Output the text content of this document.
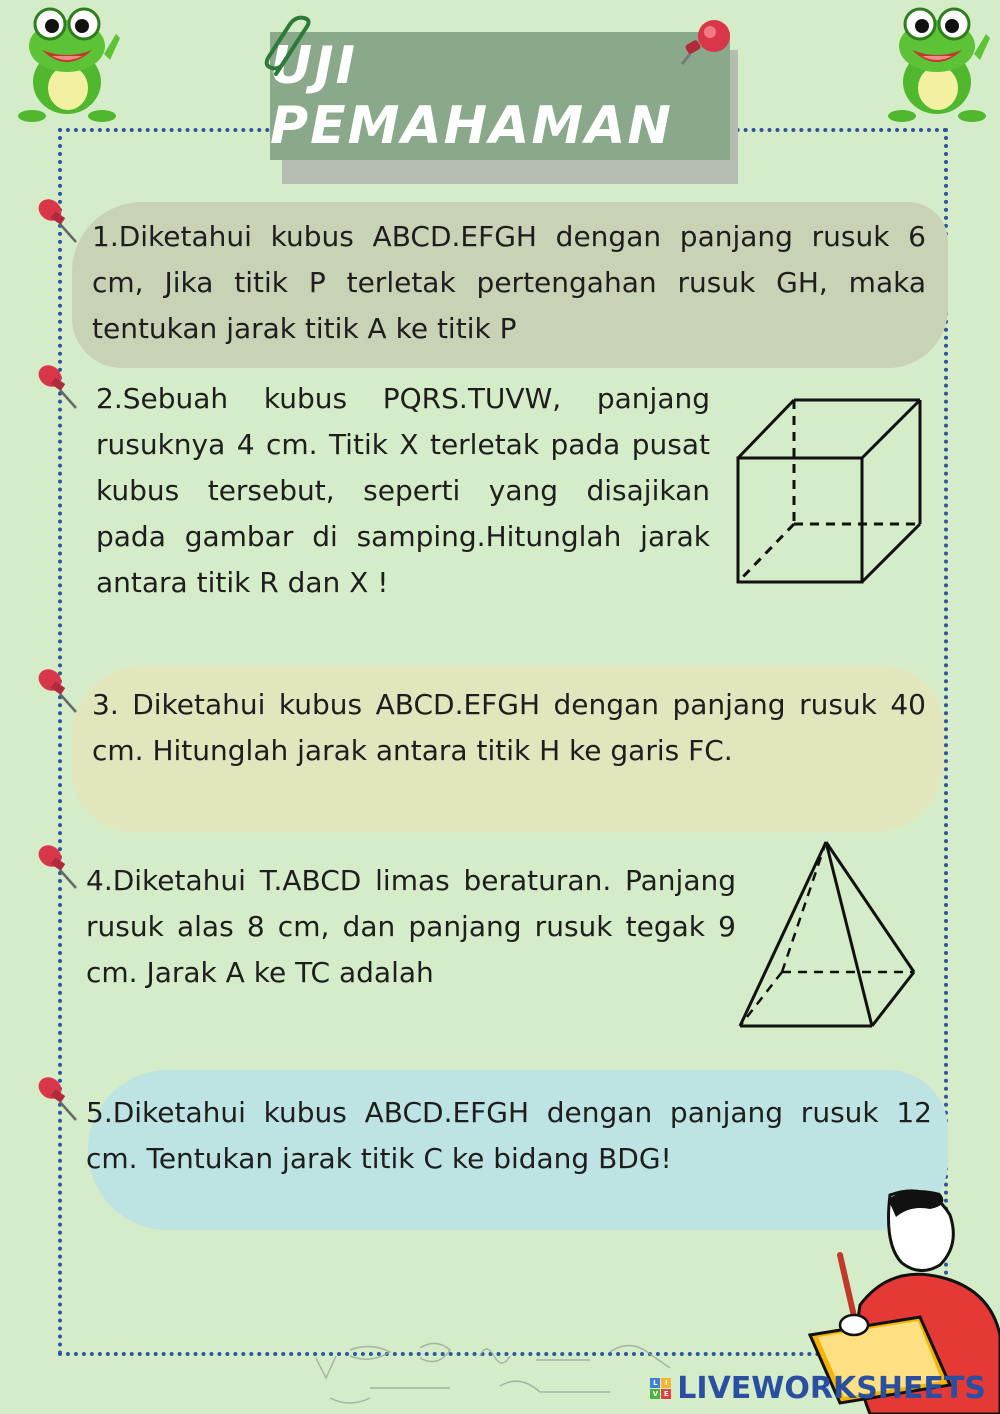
UJI PEMAHAMAN

1.Diketahui kubus ABCD.EFGH dengan panjang rusuk 6 cm, Jika titik P terletak pertengahan rusuk GH, maka tentukan jarak titik A ke titik P

2.Sebuah kubus PQRS.TUVW, panjang rusuknya 4 cm. Titik X terletak pada pusat kubus tersebut, seperti yang disajikan pada gambar di samping.Hitunglah jarak antara titik R dan X !

3. Diketahui kubus ABCD.EFGH dengan panjang rusuk 40 cm. Hitunglah jarak antara titik H ke garis FC.

4.Diketahui T.ABCD limas beraturan. Panjang rusuk alas 8 cm, dan panjang rusuk tegak 9 cm. Jarak A ke TC adalah

5.Diketahui kubus ABCD.EFGH dengan panjang rusuk 12 cm. Tentukan jarak titik C ke bidang BDG!

L	I
V E LIVEWORKSHEETS
